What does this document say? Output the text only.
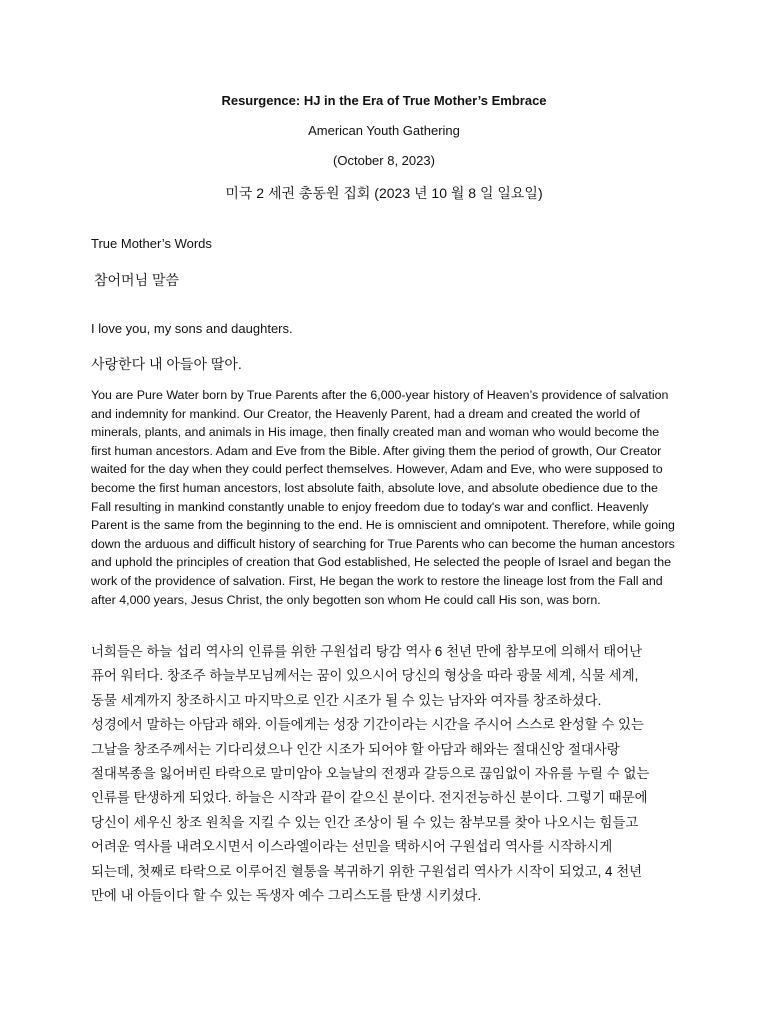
Resurgence: HJ in the Era of True Mother’s Embrace
American Youth Gathering
(October 8, 2023)
미국 2 세권 총동원 집회 (2023 년 10 월 8 일 일요일)
True Mother’s Words
참어머님 말씀
I love you, my sons and daughters.
사랑한다 내 아들아 딸아.

You are Pure Water born by True Parents after the 6,000-year history of Heaven’s providence of salvation and indemnity for mankind. Our Creator, the Heavenly Parent, had a dream and created the world of minerals, plants, and animals in His image, then finally created man and woman who would become the first human ancestors. Adam and Eve from the Bible. After giving them the period of growth, Our Creator waited for the day when they could perfect themselves. However, Adam and Eve, who were supposed to become the first human ancestors, lost absolute faith, absolute love, and absolute obedience due to the Fall resulting in mankind constantly unable to enjoy freedom due to today's war and conflict. Heavenly Parent is the same from the beginning to the end. He is omniscient and omnipotent. Therefore, while going down the arduous and difficult history of searching for True Parents who can become the human ancestors and uphold the principles of creation that God established, He selected the people of Israel and began the work of the providence of salvation. First, He began the work to restore the lineage lost from the Fall and after 4,000 years, Jesus Christ, the only begotten son whom He could call His son, was born.

너희들은 하늘 섭리 역사의 인류를 위한 구원섭리 탕감 역사 6 천년 만에 참부모에 의해서 태어난
퓨어 워터다. 창조주 하늘부모님께서는 꿈이 있으시어 당신의 형상을 따라 광물 세계, 식물 세계,
동물 세계까지 창조하시고 마지막으로 인간 시조가 될 수 있는 남자와 여자를 창조하셨다.
성경에서 말하는 아담과 해와. 이들에게는 성장 기간이라는 시간을 주시어 스스로 완성할 수 있는
그날을 창조주께서는 기다리셨으나 인간 시조가 되어야 할 아담과 해와는 절대신앙 절대사랑
절대복종을 잃어버린 타락으로 말미암아 오늘날의 전쟁과 갈등으로 끊임없이 자유를 누릴 수 없는
인류를 탄생하게 되었다. 하늘은 시작과 끝이 같으신 분이다. 전지전능하신 분이다. 그렇기 때문에
당신이 세우신 창조 원칙을 지킬 수 있는 인간 조상이 될 수 있는 참부모를 찾아 나오시는 힘들고
어려운 역사를 내려오시면서 이스라엘이라는 선민을 택하시어 구원섭리 역사를 시작하시게
되는데, 첫째로 타락으로 이루어진 혈통을 복귀하기 위한 구원섭리 역사가 시작이 되었고, 4 천년
만에 내 아들이다 할 수 있는 독생자 예수 그리스도를 탄생 시키셨다.
